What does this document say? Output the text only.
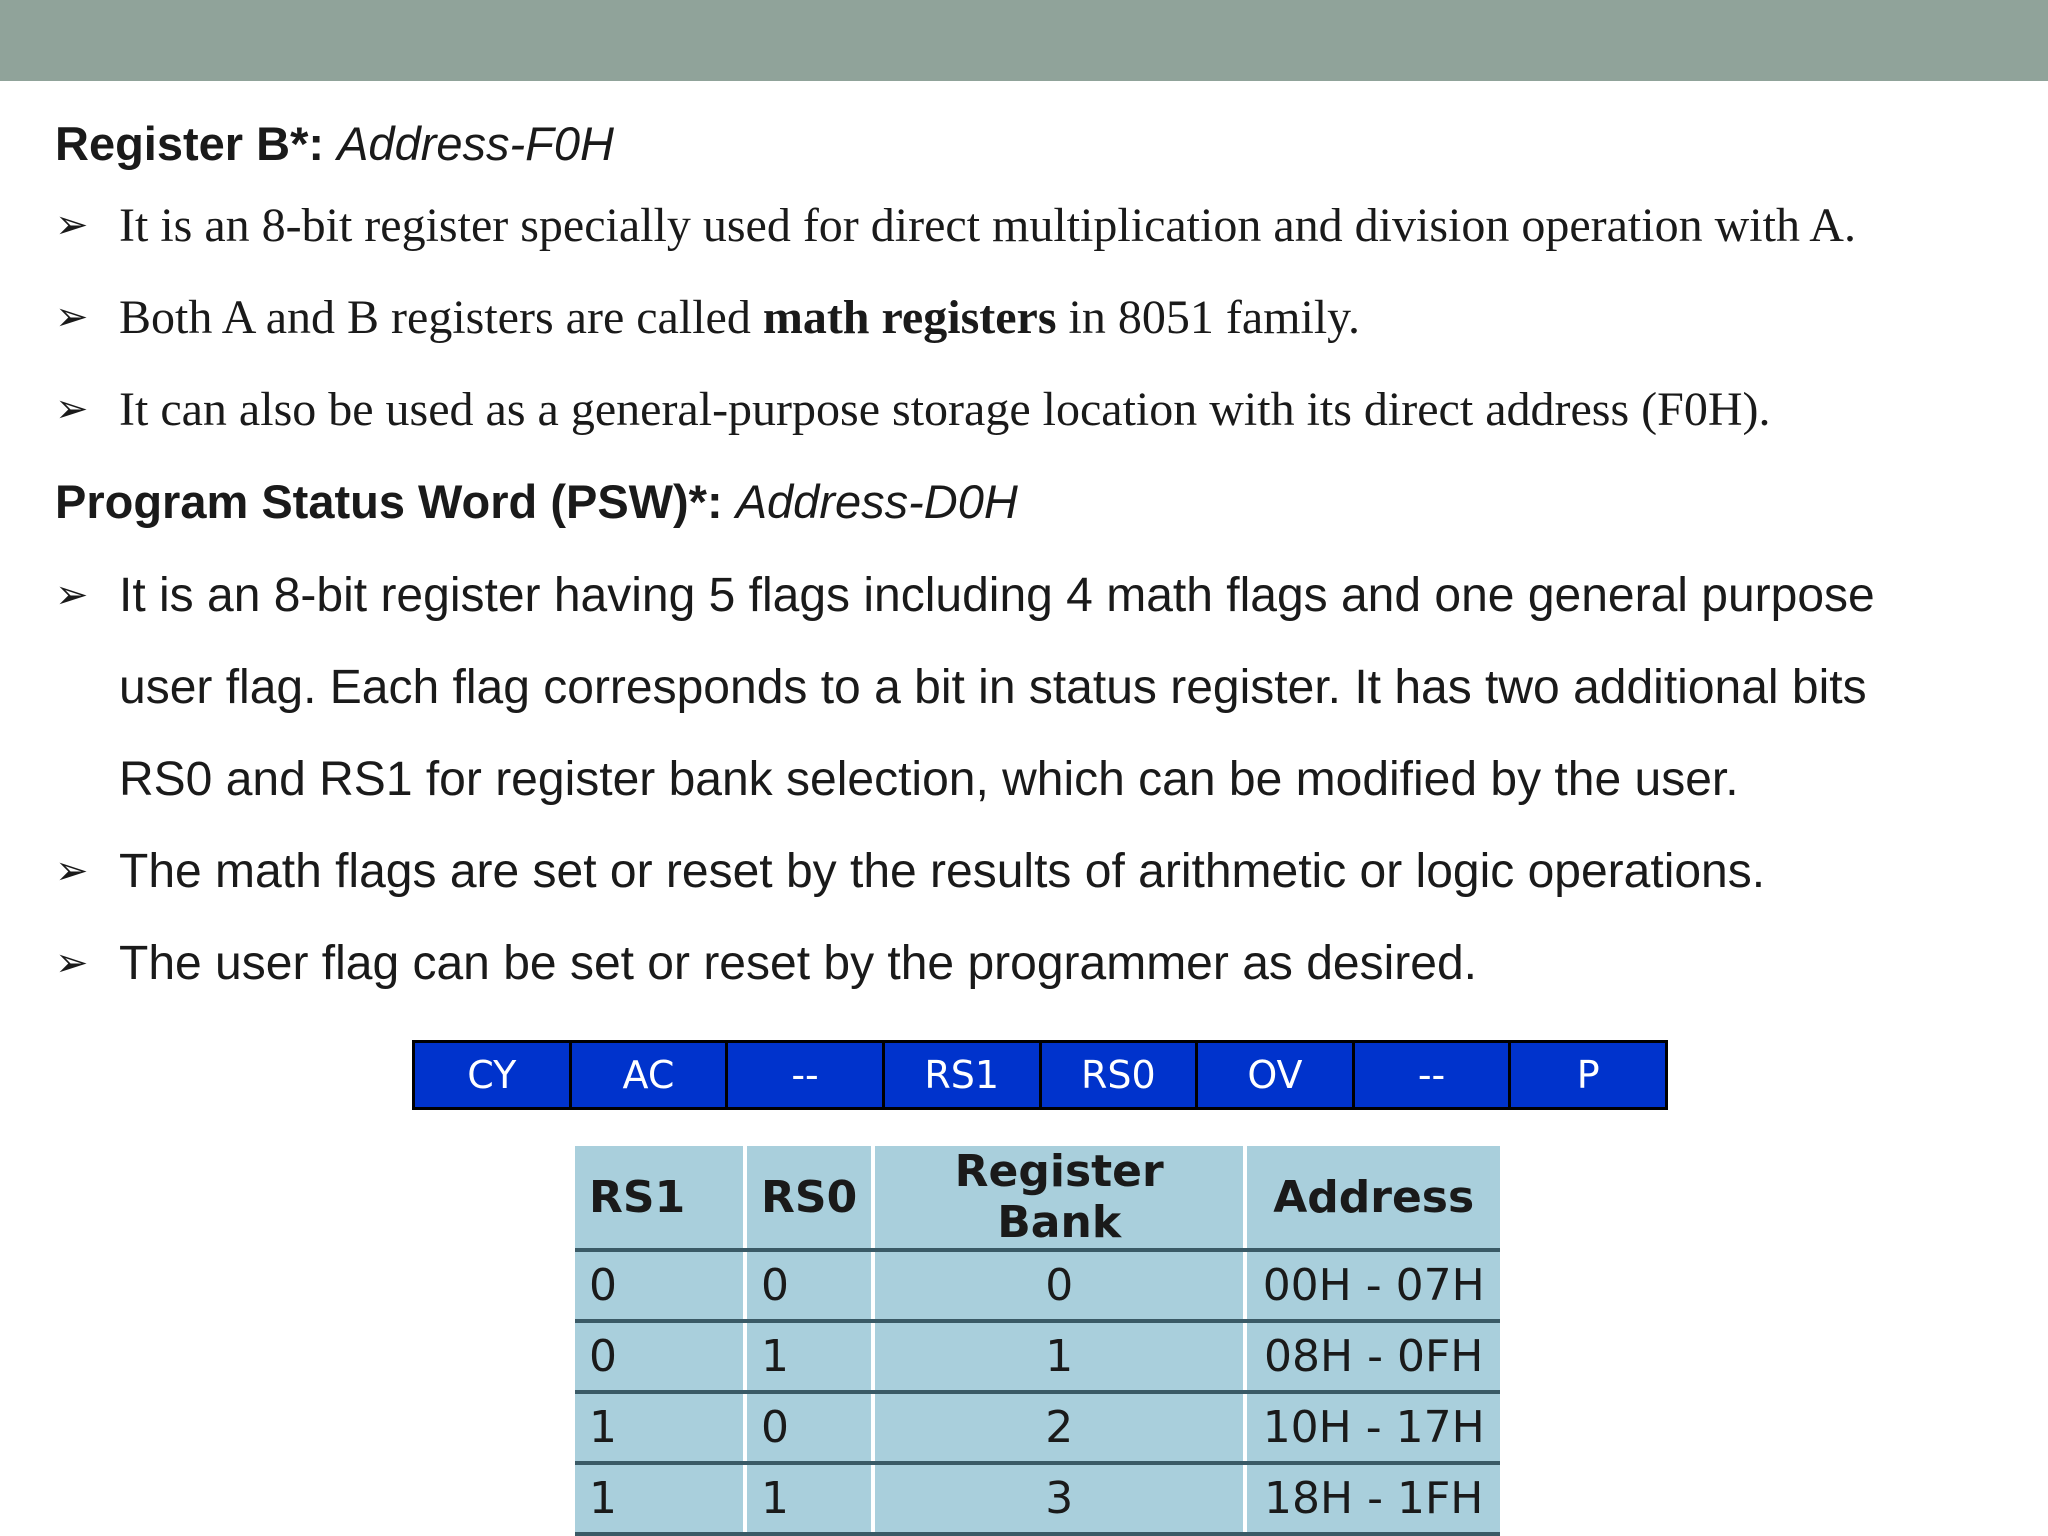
Register B*: Address-F0H
➢ It is an 8-bit register specially used for direct multiplication and division operation with A.
➢ Both A and B registers are called math registers in 8051 family.
➢ It can also be used as a general-purpose storage location with its direct address (F0H).
Program Status Word (PSW)*: Address-D0H
➢ It is an 8-bit register having 5 flags including 4 math flags and one general purpose
user flag. Each flag corresponds to a bit in status register. It has two additional bits
RS0 and RS1 for register bank selection, which can be modified by the user.
➢ The math flags are set or reset by the results of arithmetic or logic operations.
➢ The user flag can be set or reset by the programmer as desired.
CY	AC	--	RS1	RS0	OV	--	P
RS1	RS0	Register Bank	Address
0	0	0	00H - 07H
0	1	1	08H - 0FH
1	0	2	10H - 17H
1	1	3	18H - 1FH
